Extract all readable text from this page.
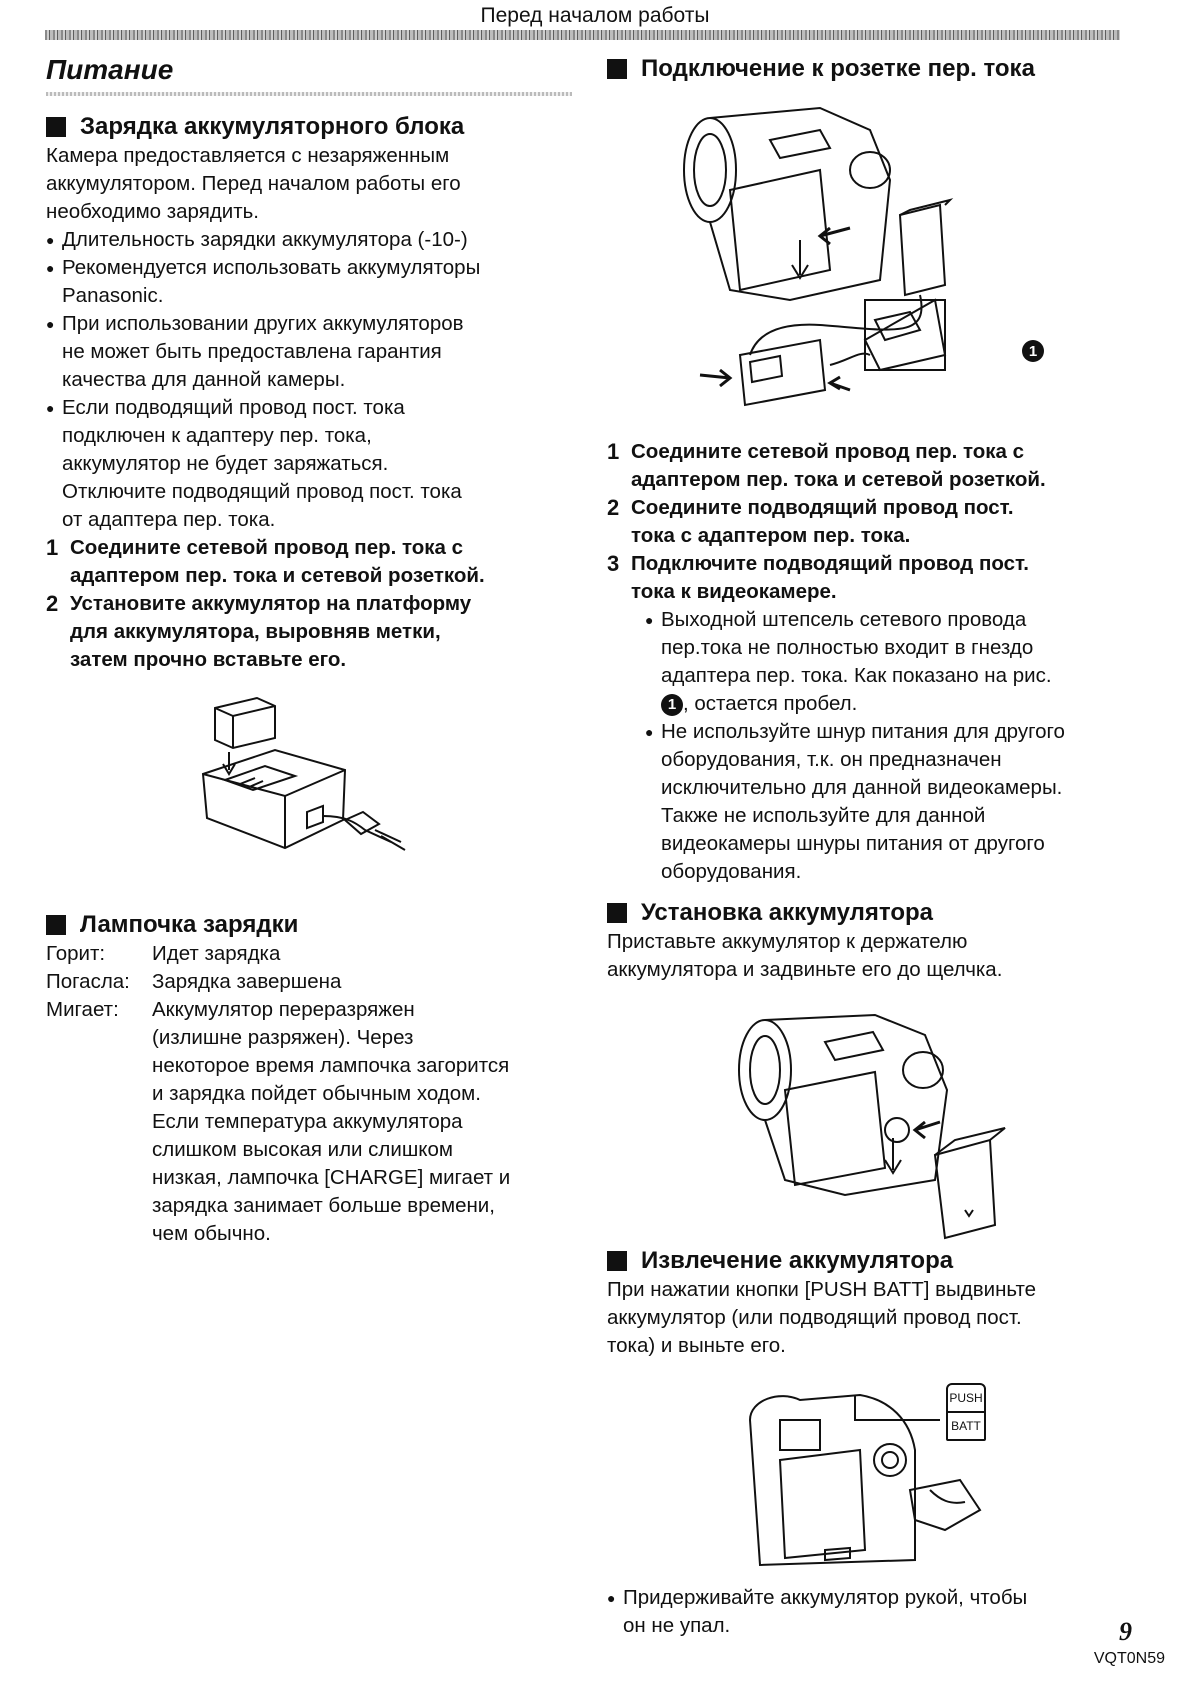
Перед началом работы
Питание
Зарядка аккумуляторного блока

Камера предоставляется с незаряженным

аккумулятором. Перед началом работы его

необходимо зарядить.

● Длительность зарядки аккумулятора (-10-)

● Рекомендуется использовать аккумуляторы

Panasonic.

● При использовании других аккумуляторов

не может быть предоставлена гарантия

качества для данной камеры.

● Если подводящий провод пост. тока

подключен к адаптеру пер. тока,

аккумулятор не будет заряжаться.

Отключите подводящий провод пост. тока

от адаптера пер. тока.

1 Соедините сетевой провод пер. тока с

адаптером пер. тока и сетевой розеткой.

2 Установите аккумулятор на платформу

для аккумулятора, выровняв метки,

затем прочно вставьте его.

Лампочка зарядки
Горит:	Идет зарядка

Погасла:	Зарядка завершена

Мигает:	Аккумулятор переразряжен

(излишне разряжен). Через

некоторое время лампочка загорится

и зарядка пойдет обычным ходом.

Если температура аккумулятора

слишком высокая или слишком

низкая, лампочка [CHARGE] мигает и

зарядка занимает больше времени,

чем обычно.

Подключение к розетке пер. тока
1
1 Соедините сетевой провод пер. тока с

адаптером пер. тока и сетевой розеткой.

2 Соедините подводящий провод пост.

тока с адаптером пер. тока.

3 Подключите подводящий провод пост.

тока к видеокамере.

● Выходной штепсель сетевого провода

пер.тока не полностью входит в гнездо

адаптера пер. тока. Как показано на рис.

1 , остается пробел.

● Не используйте шнур питания для другого

оборудования, т.к. он предназначен

исключительно для данной видеокамеры.

Также не используйте для данной

видеокамеры шнуры питания от другого

оборудования.

Установка аккумулятора

Приставьте аккумулятор к держателю

аккумулятора и задвиньте его до щелчка.

Извлечение аккумулятора

При нажатии кнопки [PUSH BATT] выдвиньте

аккумулятор (или подводящий провод пост.

тока) и выньте его.

PUSH
BATT

● Придерживайте аккумулятор рукой, чтобы

он не упал.	9
VQT0N59
